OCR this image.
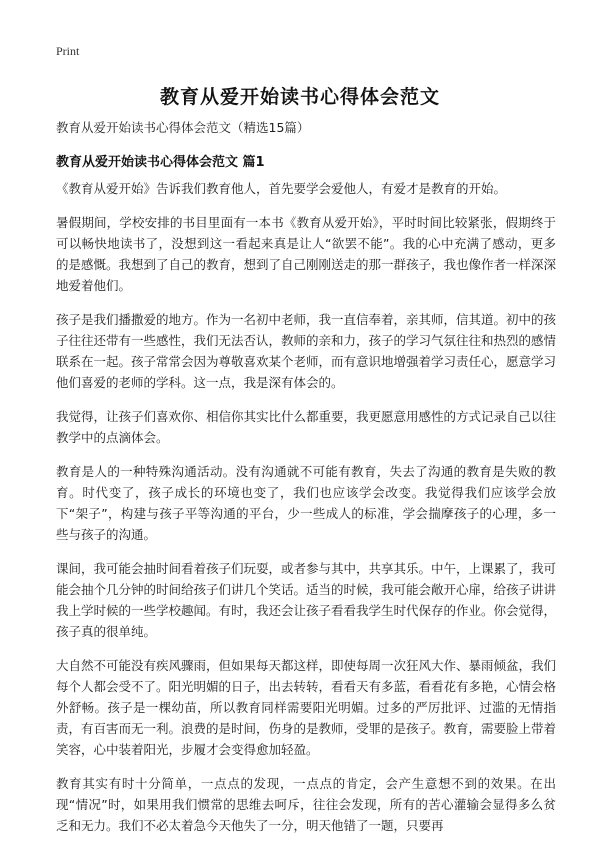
Print
教育从爱开始读书心得体会范文
教育从爱开始读书心得体会范文（精选15篇）
教育从爱开始读书心得体会范文 篇1

《教育从爱开始》告诉我们教育他人，首先要学会爱他人，有爱才是教育的开始。

暑假期间，学校安排的书目里面有一本书《教育从爱开始》，平时时间比较紧张，假期终于可以畅快地读书了，没想到这一看起来真是让人“欲罢不能”。我的心中充满了感动，更多的是感慨。我想到了自己的教育，想到了自己刚刚送走的那一群孩子，我也像作者一样深深地爱着他们。

孩子是我们播撒爱的地方。作为一名初中老师，我一直信奉着，亲其师，信其道。初中的孩子往往还带有一些感性，我们无法否认，教师的亲和力，孩子的学习气氛往往和热烈的感情联系在一起。孩子常常会因为尊敬喜欢某个老师，而有意识地增强着学习责任心，愿意学习他们喜爱的老师的学科。这一点，我是深有体会的。

我觉得，让孩子们喜欢你、相信你其实比什么都重要，我更愿意用感性的方式记录自己以往教学中的点滴体会。

教育是人的一种特殊沟通活动。没有沟通就不可能有教育，失去了沟通的教育是失败的教育。时代变了，孩子成长的环境也变了，我们也应该学会改变。我觉得我们应该学会放下“架子”，构建与孩子平等沟通的平台，少一些成人的标准，学会揣摩孩子的心理，多一些与孩子的沟通。

课间，我可能会抽时间看着孩子们玩耍，或者参与其中，共享其乐。中午，上课累了，我可能会抽个几分钟的时间给孩子们讲几个笑话。适当的时候，我可能会敞开心扉，给孩子讲讲我上学时候的一些学校趣闻。有时，我还会让孩子看看我学生时代保存的作业。你会觉得，孩子真的很单纯。

大自然不可能没有疾风骤雨，但如果每天都这样，即使每周一次狂风大作、暴雨倾盆，我们每个人都会受不了。阳光明媚的日子，出去转转，看看天有多蓝，看看花有多艳，心情会格外舒畅。孩子是一棵幼苗，所以教育同样需要阳光明媚。过多的严厉批评、过滥的无情指责，有百害而无一利。浪费的是时间，伤身的是教师，受罪的是孩子。教育，需要脸上带着笑容，心中装着阳光，步履才会变得愈加轻盈。

教育其实有时十分简单，一点点的发现，一点点的肯定，会产生意想不到的效果。在出现“情况”时，如果用我们惯常的思维去呵斥，往往会发现，所有的苦心灌输会显得多么贫乏和无力。我们不必太着急今天他失了一分，明天他错了一题，只要再
